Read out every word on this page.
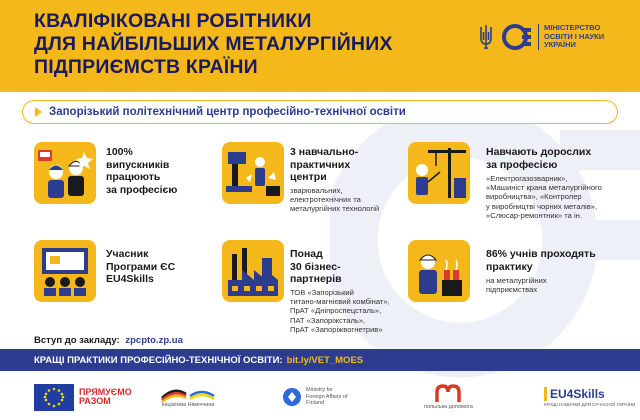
КВАЛІФІКОВАНІ РОБІТНИКИ
ДЛЯ НАЙБІЛЬШИХ МЕТАЛУРГІЙНИХ
ПІДПРИЄМСТВ КРАЇНИ
МІНІСТЕРСТВО
ОСВІТИ І НАУКИ
УКРАЇНИ
Запорізький політехнічний центр професійно-технічної освіти
100%
випускників
працюють
за професією
3 навчально-
практичних
центри
зварювальних,
електротехнічних та
металургійних технологій
Навчають дорослих
за професією
«Електрогазозварник»,
«Машиніст крана металургійного
виробництва», «Контролер
у виробництві чорних металів»,
«Слюсар-ремонтник» та ін.
Учасник
Програми ЄС
EU4Skills
Понад
30 бізнес-
партнерів
ТОВ «Запорізький
титано-магнієвий комбінат»,
ПрАТ «Дніпроспецсталь»,
ПАТ «Запоріжсталь»,
ПрАТ «Запоріжвогнетрив»
86% учнів проходять
практику
на металургійних
підприємствах
Вступ до закладу: zpcpto.zp.ua
КРАЩІ ПРАКТИКИ ПРОФЕСІЙНО-ТЕХНІЧНОЇ ОСВІТИ: bit.ly/VET_MOES
ПРЯМУЄМО
РАЗОМ	Ініціатива Німеччини
Ministry for Foreign Affairs of Finland
польська допомога
EU4Skills
КРАЩІ НАВИЧКИ ДЛЯ СУЧАСНОЇ УКРАЇНИ
